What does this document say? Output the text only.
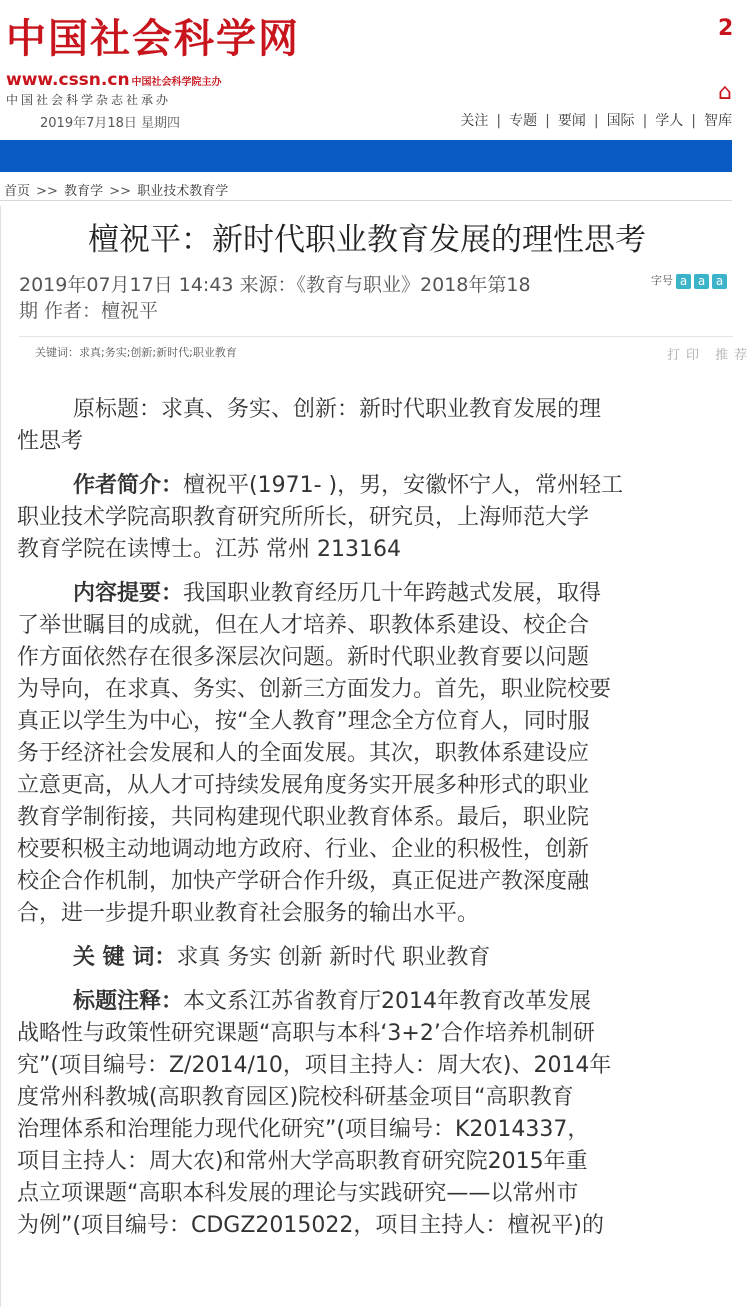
中国社会科学网
www.cssn.cn 中国社会科学院主办
中国社会科学杂志社承办
2019年7月18日 星期四
2
⌂
关注 | 专题 | 要闻 | 国际 | 学人 | 智库
首页 >> 教育学 >> 职业技术教育学
檀祝平：新时代职业教育发展的理性思考
2019年07月17日 14:43 来源：《教育与职业》2018年第18
期 作者：檀祝平
字号 a a a
关键词：求真;务实;创新;新时代;职业教育	打印 推荐

原标题：求真、务实、创新：新时代职业教育发展的理
性思考

作者简介：檀祝平(1971- )，男，安徽怀宁人，常州轻工
职业技术学院高职教育研究所所长，研究员，上海师范大学
教育学院在读博士。江苏 常州 213164

内容提要：我国职业教育经历几十年跨越式发展，取得
了举世瞩目的成就，但在人才培养、职教体系建设、校企合
作方面依然存在很多深层次问题。新时代职业教育要以问题
为导向，在求真、务实、创新三方面发力。首先，职业院校要
真正以学生为中心，按“全人教育”理念全方位育人，同时服
务于经济社会发展和人的全面发展。其次，职教体系建设应
立意更高，从人才可持续发展角度务实开展多种形式的职业
教育学制衔接，共同构建现代职业教育体系。最后，职业院
校要积极主动地调动地方政府、行业、企业的积极性，创新
校企合作机制，加快产学研合作升级，真正促进产教深度融
合，进一步提升职业教育社会服务的输出水平。

关 键 词：求真 务实 创新 新时代 职业教育

标题注释：本文系江苏省教育厅2014年教育改革发展
战略性与政策性研究课题“高职与本科‘3+2’合作培养机制研
究”(项目编号：Z/2014/10，项目主持人：周大农)、2014年
度常州科教城(高职教育园区)院校科研基金项目“高职教育
治理体系和治理能力现代化研究”(项目编号：K2014337，
项目主持人：周大农)和常州大学高职教育研究院2015年重
点立项课题“高职本科发展的理论与实践研究——以常州市
为例”(项目编号：CDGZ2015022，项目主持人：檀祝平)的
